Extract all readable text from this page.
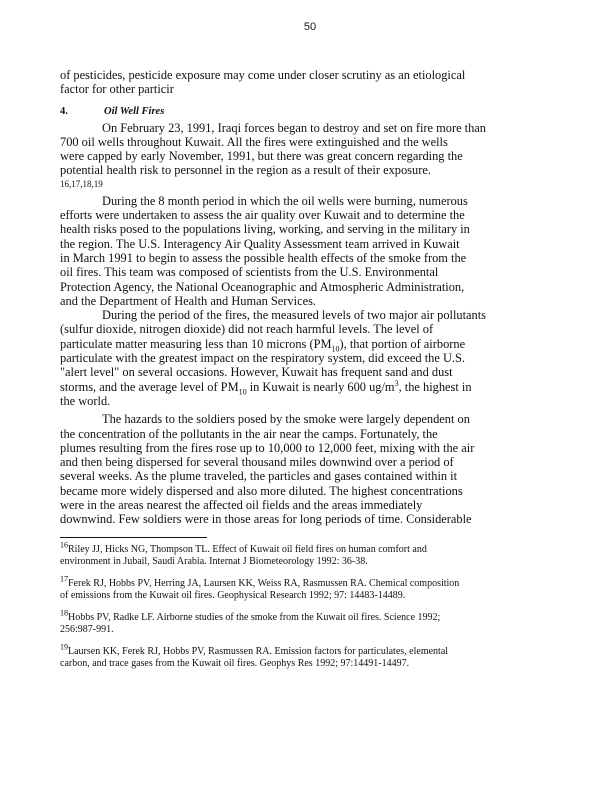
50
of pesticides, pesticide exposure may come under closer scrutiny as an etiological
factor for other particir
4.	Oil Well Fires
On February 23, 1991, Iraqi forces began to destroy and set on fire more than
700 oil wells throughout Kuwait. All the fires were extinguished and the wells
were capped by early November, 1991, but there was great concern regarding the
potential health risk to personnel in the region as a result of their exposure.
16,17,18,19
During the 8 month period in which the oil wells were burning, numerous
efforts were undertaken to assess the air quality over Kuwait and to determine the
health risks posed to the populations living, working, and serving in the military in
the region. The U.S. Interagency Air Quality Assessment team arrived in Kuwait
in March 1991 to begin to assess the possible health effects of the smoke from the
oil fires. This team was composed of scientists from the U.S. Environmental
Protection Agency, the National Oceanographic and Atmospheric Administration,
and the Department of Health and Human Services.
During the period of the fires, the measured levels of two major air pollutants
(sulfur dioxide, nitrogen dioxide) did not reach harmful levels. The level of
particulate matter measuring less than 10 microns $(PM_{10})$, that portion of airborne
particulate with the greatest impact on the respiratory system, did exceed the U.S.
"alert level" on several occasions. However, Kuwait has frequent sand and dust
storms, and the average level of $PM_{10}$ in Kuwait is nearly 600 $ug/m^3$, the highest in
the world.
The hazards to the soldiers posed by the smoke were largely dependent on
the concentration of the pollutants in the air near the camps. Fortunately, the
plumes resulting from the fires rose up to 10,000 to 12,000 feet, mixing with the air
and then being dispersed for several thousand miles downwind over a period of
several weeks. As the plume traveled, the particles and gases contained within it
became more widely dispersed and also more diluted. The highest concentrations
were in the areas nearest the affected oil fields and the areas immediately
downwind. Few soldiers were in those areas for long periods of time. Considerable
$^{16}$Riley JJ, Hicks NG, Thompson TL. Effect of Kuwait oil field fires on human comfort and
environment in Jubail, Saudi Arabia. Internat J Biometeorology 1992: 36-38.
$^{17}$Ferek RJ, Hobbs PV, Herring JA, Laursen KK, Weiss RA, Rasmussen RA. Chemical composition
of emissions from the Kuwait oil fires. Geophysical Research 1992; 97: 14483-14489.
$^{18}$Hobbs PV, Radke LF. Airborne studies of the smoke from the Kuwait oil fires. Science 1992;
256:987-991.
$^{19}$Laursen KK, Ferek RJ, Hobbs PV, Rasmussen RA. Emission factors for particulates, elemental
carbon, and trace gases from the Kuwait oil fires. Geophys Res 1992; 97:14491-14497.
